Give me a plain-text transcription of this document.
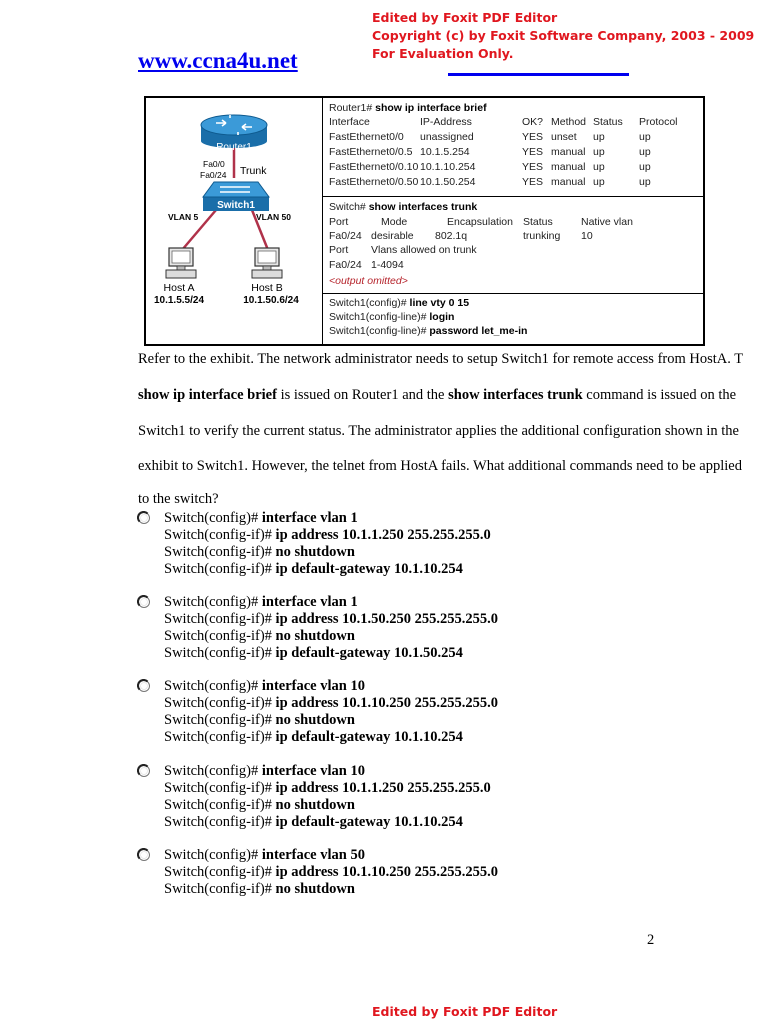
Edited by Foxit PDF Editor
Copyright (c) by Foxit Software Company, 2003 - 2009
For Evaluation Only.
www.ccna4u.net
Router1
Fa0/0
Fa0/24 Trunk
Switch1
VLAN 5	VLAN 50
Host A
10.1.5.5/24
Host B
10.1.50.6/24
Router1# show ip interface brief
Interface	IP-Address	OK? Method Status Protocol
FastEthernet0/0 unassigned	YES unset up	up
FastEthernet0/0.5 10.1.5.254	YES manual up	up
FastEthernet0/0.10 10.1.10.254	YES manual up	up
FastEthernet0/0.50 10.1.50.254	YES manual up	up
Switch# show interfaces trunk
Port	Mode	Encapsulation Status	Native vlan
Fa0/24 desirable 802.1q	trunking 10
Port Vlans allowed on trunk
Fa0/24 1-4094
<output omitted>
Switch1(config)# line vty 0 15
Switch1(config-line)# login
Switch1(config-line)# password let_me-in
Refer to the exhibit. The network administrator needs to setup Switch1 for remote access from HostA. T
show ip interface brief is issued on Router1 and the show interfaces trunk command is issued on the
Switch1 to verify the current status. The administrator applies the additional configuration shown in the
exhibit to Switch1. However, the telnet from HostA fails. What additional commands need to be applied
to the switch?
Switch(config)# interface vlan 1
Switch(config-if)# ip address 10.1.1.250 255.255.255.0
Switch(config-if)# no shutdown
Switch(config-if)# ip default-gateway 10.1.10.254
Switch(config)# interface vlan 1
Switch(config-if)# ip address 10.1.50.250 255.255.255.0
Switch(config-if)# no shutdown
Switch(config-if)# ip default-gateway 10.1.50.254
Switch(config)# interface vlan 10
Switch(config-if)# ip address 10.1.10.250 255.255.255.0
Switch(config-if)# no shutdown
Switch(config-if)# ip default-gateway 10.1.10.254
Switch(config)# interface vlan 10
Switch(config-if)# ip address 10.1.1.250 255.255.255.0
Switch(config-if)# no shutdown
Switch(config-if)# ip default-gateway 10.1.10.254
Switch(config)# interface vlan 50
Switch(config-if)# ip address 10.1.10.250 255.255.255.0
Switch(config-if)# no shutdown
2
Edited by Foxit PDF Editor
